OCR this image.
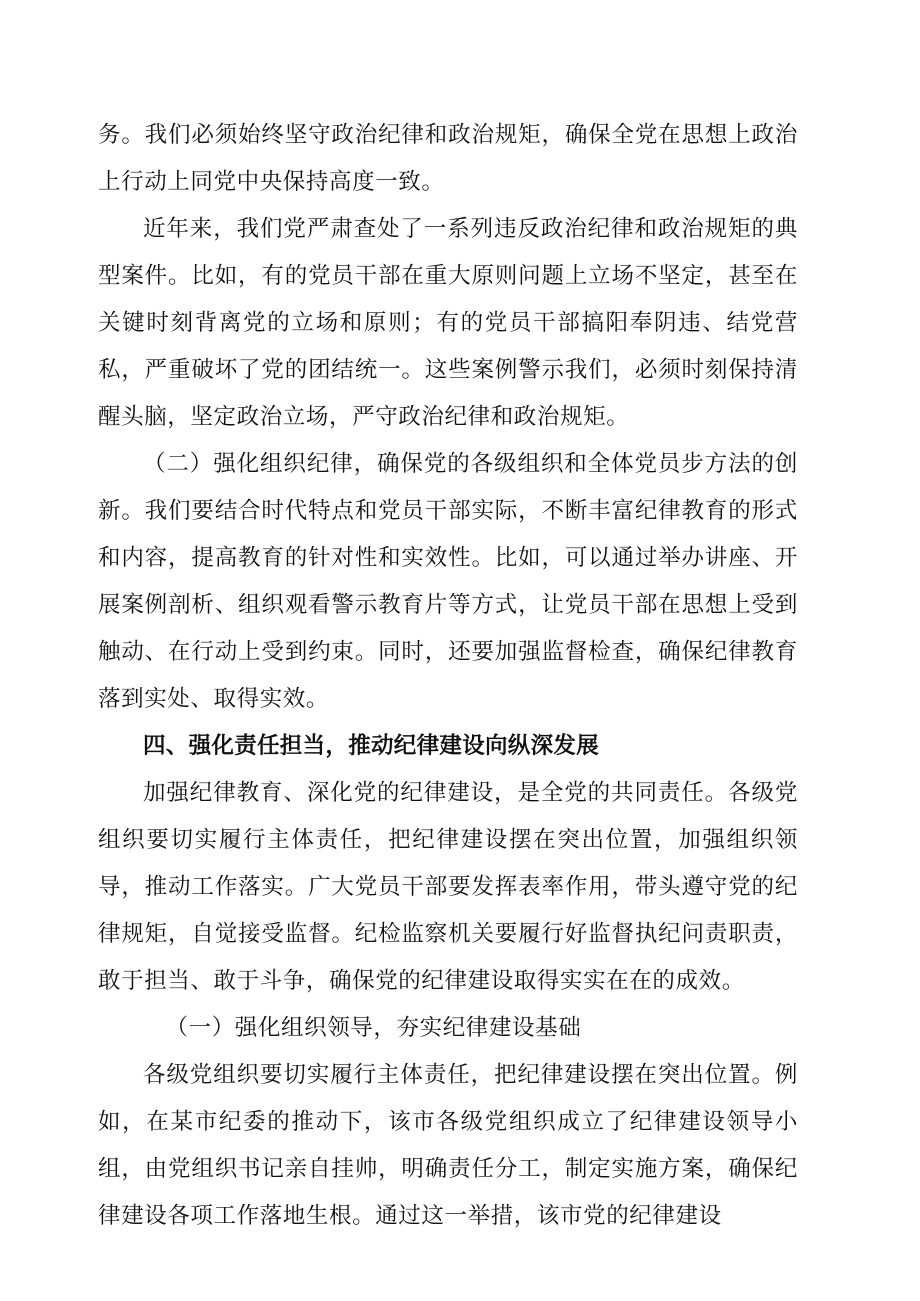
务。我们必须始终坚守政治纪律和政治规矩，确保全党在思想上政治上行动上同党中央保持高度一致。

近年来，我们党严肃查处了一系列违反政治纪律和政治规矩的典型案件。比如，有的党员干部在重大原则问题上立场不坚定，甚至在关键时刻背离党的立场和原则；有的党员干部搞阳奉阴违、结党营私，严重破坏了党的团结统一。这些案例警示我们，必须时刻保持清醒头脑，坚定政治立场，严守政治纪律和政治规矩。

（二）强化组织纪律，确保党的各级组织和全体党员步方法的创新。我们要结合时代特点和党员干部实际，不断丰富纪律教育的形式和内容，提高教育的针对性和实效性。比如，可以通过举办讲座、开展案例剖析、组织观看警示教育片等方式，让党员干部在思想上受到触动、在行动上受到约束。同时，还要加强监督检查，确保纪律教育落到实处、取得实效。

四、强化责任担当，推动纪律建设向纵深发展

加强纪律教育、深化党的纪律建设，是全党的共同责任。各级党组织要切实履行主体责任，把纪律建设摆在突出位置，加强组织领导，推动工作落实。广大党员干部要发挥表率作用，带头遵守党的纪律规矩，自觉接受监督。纪检监察机关要履行好监督执纪问责职责，敢于担当、敢于斗争，确保党的纪律建设取得实实在在的成效。

（一）强化组织领导，夯实纪律建设基础

各级党组织要切实履行主体责任，把纪律建设摆在突出位置。例如，在某市纪委的推动下，该市各级党组织成立了纪律建设领导小组，由党组织书记亲自挂帅，明确责任分工，制定实施方案，确保纪律建设各项工作落地生根。通过这一举措，该市党的纪律建设
